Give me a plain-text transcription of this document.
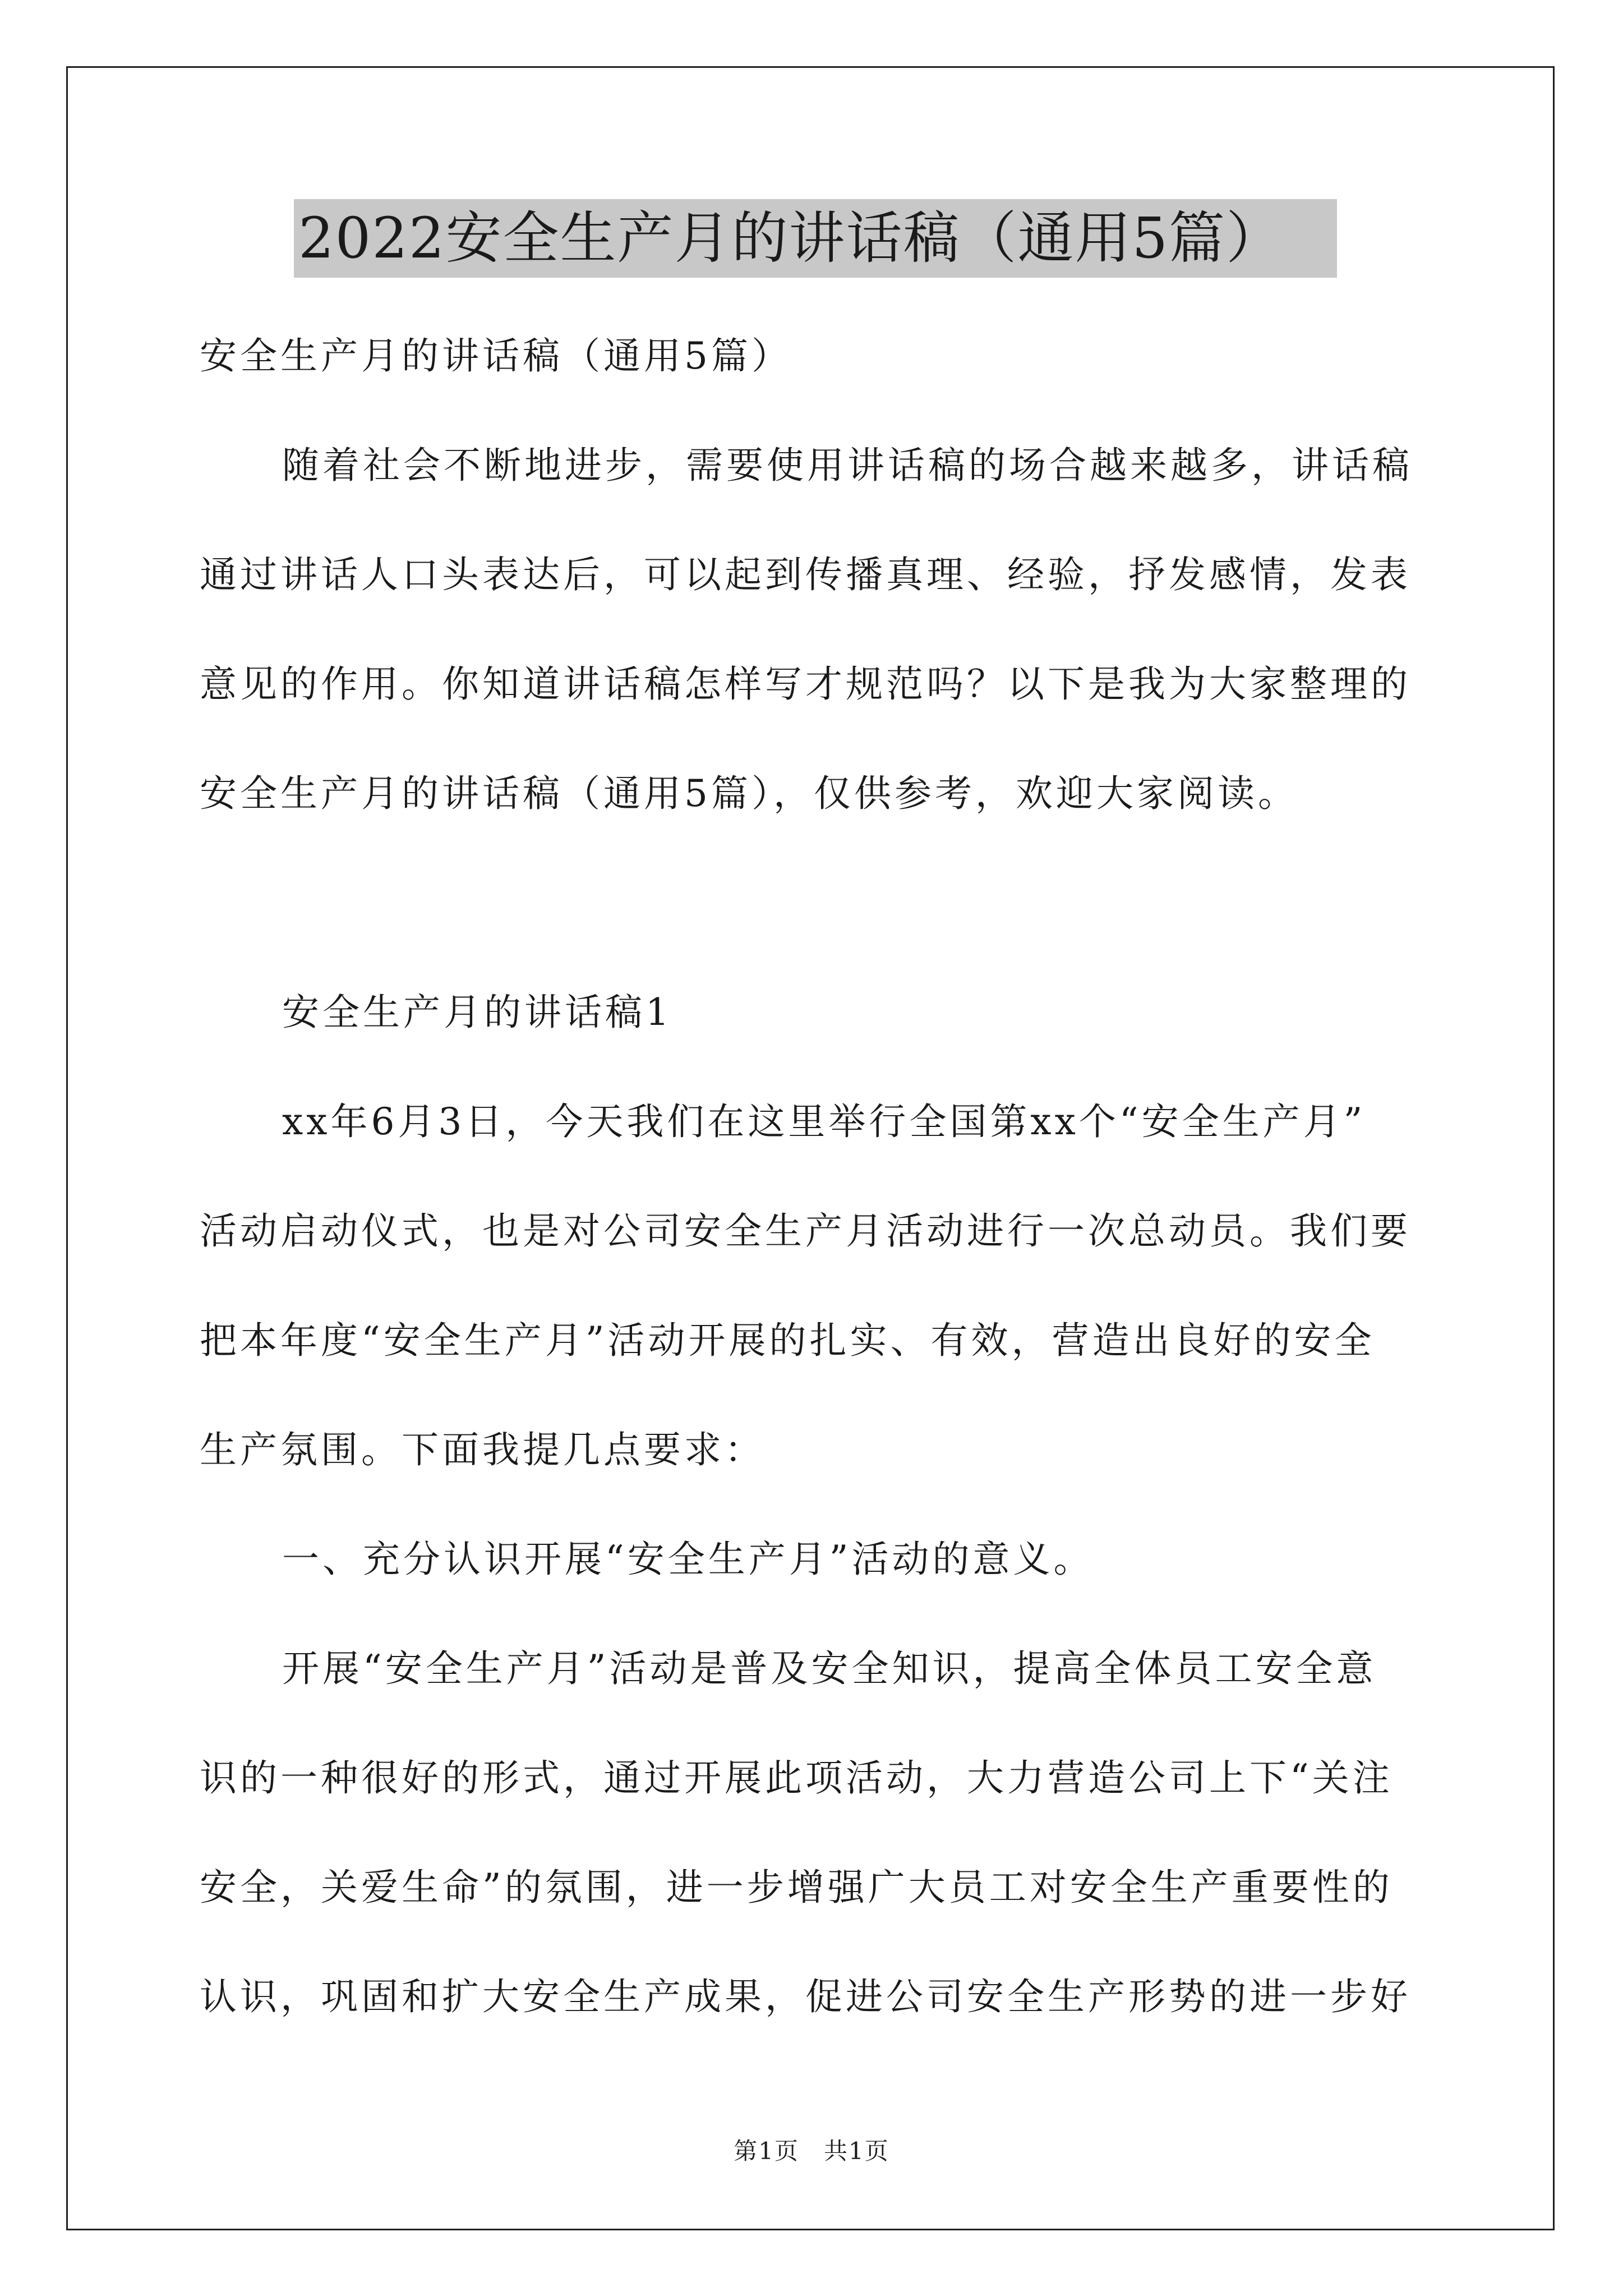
2022安全生产月的讲话稿（通用5篇）
安全生产月的讲话稿（通用5篇）
随着社会不断地进步，需要使用讲话稿的场合越来越多，讲话稿
通过讲话人口头表达后，可以起到传播真理、经验，抒发感情，发表
意见的作用。你知道讲话稿怎样写才规范吗？以下是我为大家整理的
安全生产月的讲话稿（通用5篇），仅供参考，欢迎大家阅读。
安全生产月的讲话稿1
xx年6月3日，今天我们在这里举行全国第xx个“安全生产月”
活动启动仪式，也是对公司安全生产月活动进行一次总动员。我们要
把本年度“安全生产月”活动开展的扎实、有效，营造出良好的安全
生产氛围。下面我提几点要求：
一、充分认识开展“安全生产月”活动的意义。
开展“安全生产月”活动是普及安全知识，提高全体员工安全意
识的一种很好的形式，通过开展此项活动，大力营造公司上下“关注
安全，关爱生命”的氛围，进一步增强广大员工对安全生产重要性的
认识，巩固和扩大安全生产成果，促进公司安全生产形势的进一步好
第1页　共1页
